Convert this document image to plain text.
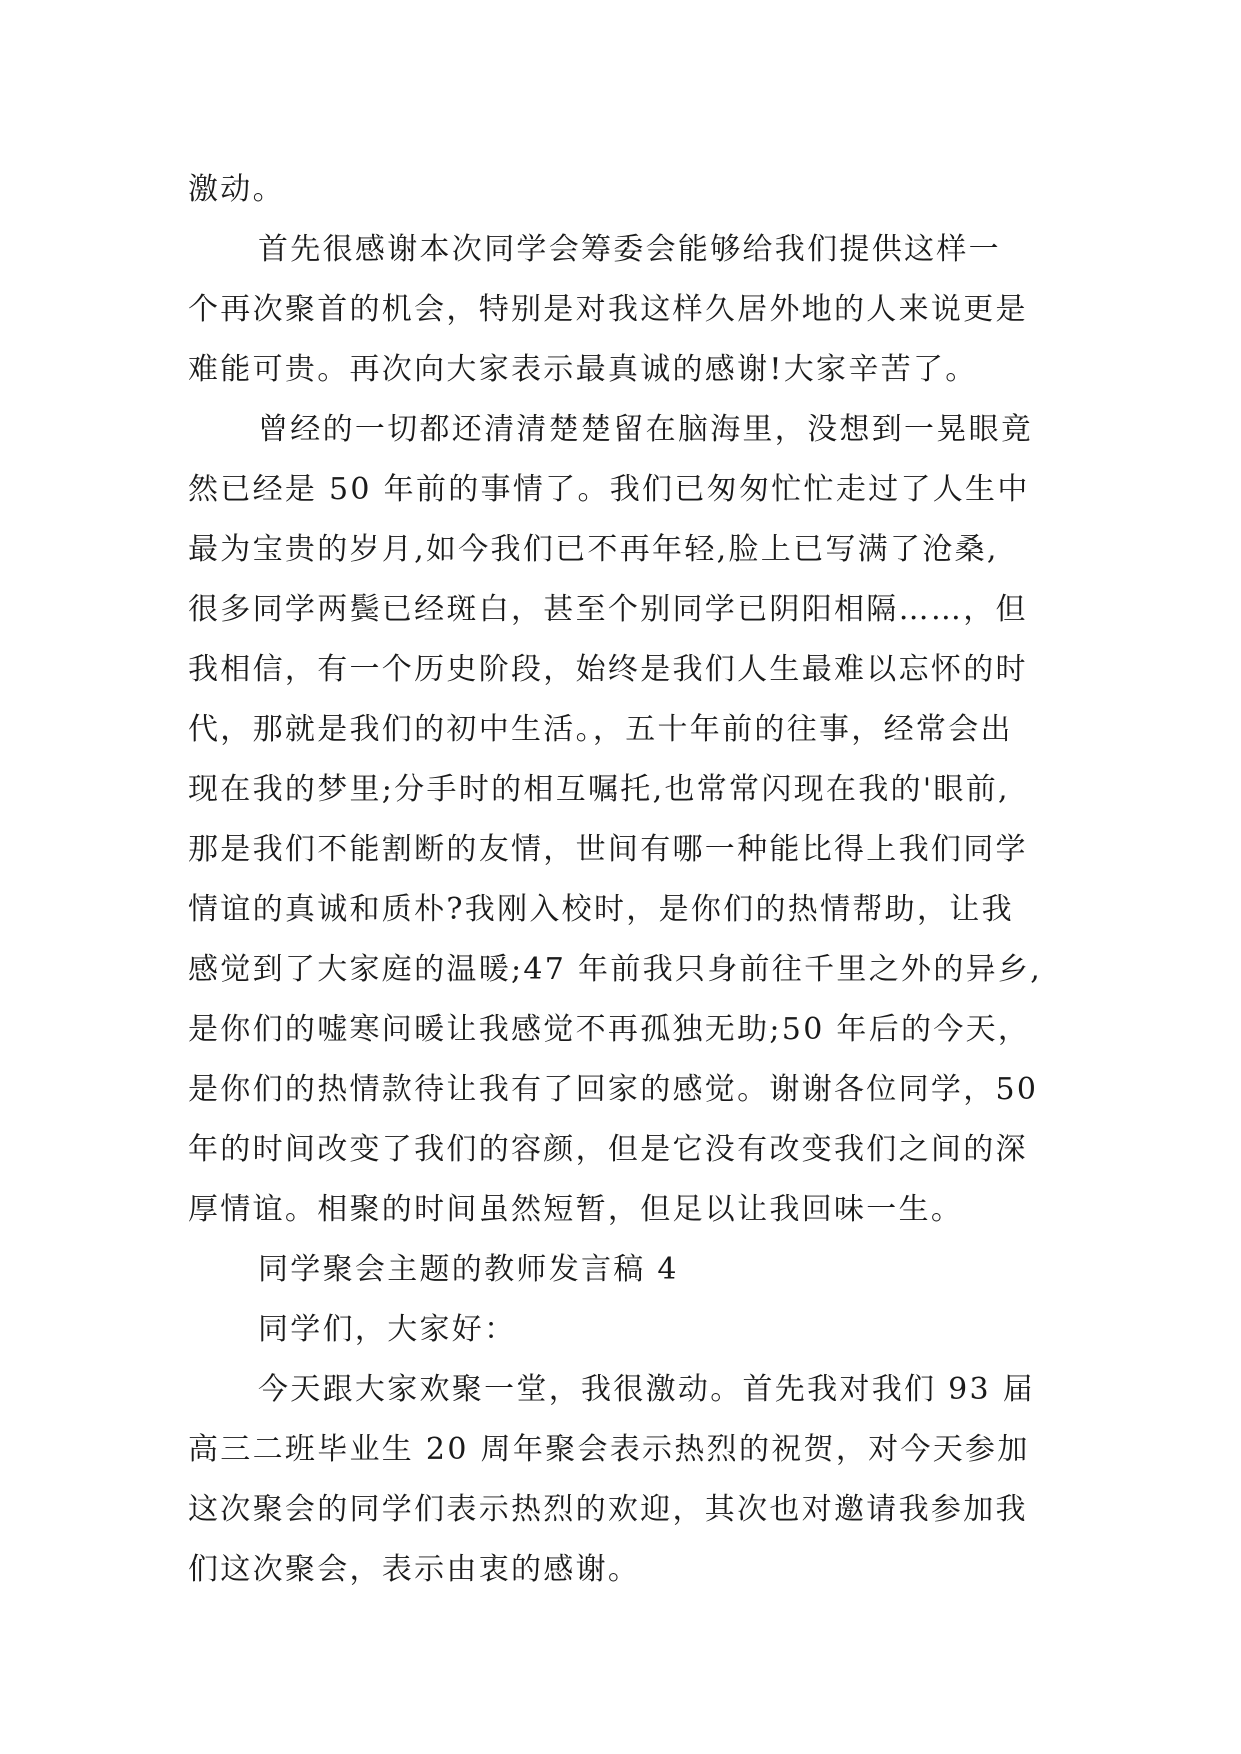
激动。
首先很感谢本次同学会筹委会能够给我们提供这样一
个再次聚首的机会，特别是对我这样久居外地的人来说更是
难能可贵。再次向大家表示最真诚的感谢!大家辛苦了。
曾经的一切都还清清楚楚留在脑海里，没想到一晃眼竟
然已经是 50 年前的事情了。我们已匆匆忙忙走过了人生中
最为宝贵的岁月,如今我们已不再年轻,脸上已写满了沧桑,
很多同学两鬓已经斑白，甚至个别同学已阴阳相隔……，但
我相信，有一个历史阶段，始终是我们人生最难以忘怀的时
代，那就是我们的初中生活。，五十年前的往事，经常会出
现在我的梦里;分手时的相互嘱托,也常常闪现在我的'眼前,
那是我们不能割断的友情，世间有哪一种能比得上我们同学
情谊的真诚和质朴?我刚入校时，是你们的热情帮助，让我
感觉到了大家庭的温暖;47 年前我只身前往千里之外的异乡,
是你们的嘘寒问暖让我感觉不再孤独无助;50 年后的今天，
是你们的热情款待让我有了回家的感觉。谢谢各位同学，50
年的时间改变了我们的容颜，但是它没有改变我们之间的深
厚情谊。相聚的时间虽然短暂，但足以让我回味一生。
同学聚会主题的教师发言稿 4
同学们，大家好：
今天跟大家欢聚一堂，我很激动。首先我对我们 93 届
高三二班毕业生 20 周年聚会表示热烈的祝贺，对今天参加
这次聚会的同学们表示热烈的欢迎，其次也对邀请我参加我
们这次聚会，表示由衷的感谢。
